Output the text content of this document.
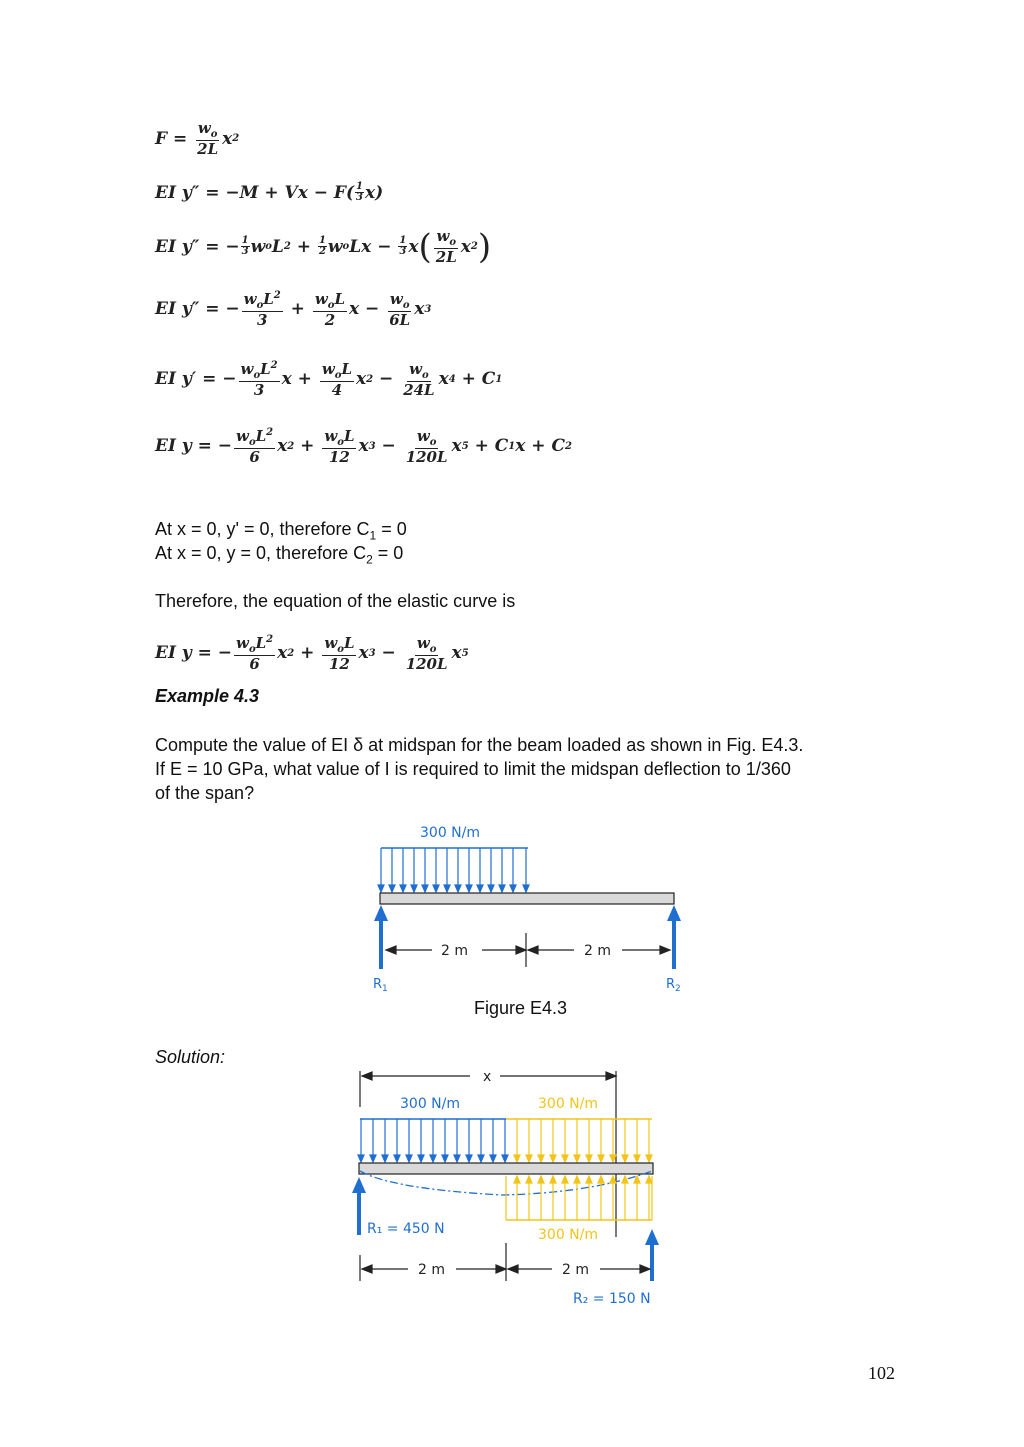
$F = \frac{w_o}{2L}$ x 2
EI y″ = −M + Vx − F( 1
3 x)
EI y″ = − 1
3 w o L 2 + 1
2 w o Lx − 1
3 x ( $\frac{w_o}{2L}$ x 2 )
EI y″ = − $\frac{w_oL^2}{3} + \frac{w_oL}{2}$ $x - \frac{w_o}{6L}$ x 3
EI y′ = − $\frac{w_oL^2}{3}$ $x + \frac{w_oL}{4}$ x $2 - \frac{w_o}{24L}$ x 4 + C 1
EI y = − $\frac{w_oL^2}{6}$ x $2 + \frac{w_oL}{12}$ x $3 - \frac{w_o}{120L}$ x 5 + C 1 x + C 2
At x = 0, y' = 0, therefore $C_1 = 0$
At x = 0, y = 0, therefore $C_2 = 0$
Therefore, the equation of the elastic curve is
EI y = − $\frac{w_oL^2}{6}$ x $2 + \frac{w_oL}{12}$ x $3 - \frac{w_o}{120L}$ x 5
Example 4.3
Compute the value of EI δ at midspan for the beam loaded as shown in Fig. E4.3.
If E = 10 GPa, what value of I is required to limit the midspan deflection to 1/360
of the span?
300 N/m
2 m	2 m
$R_1$	$R_2$
Figure E4.3
Solution:
x
300 N/m	300 N/m
300 N/m
R₁ = 450 N
R₂ = 150 N
2 m	2 m
102
